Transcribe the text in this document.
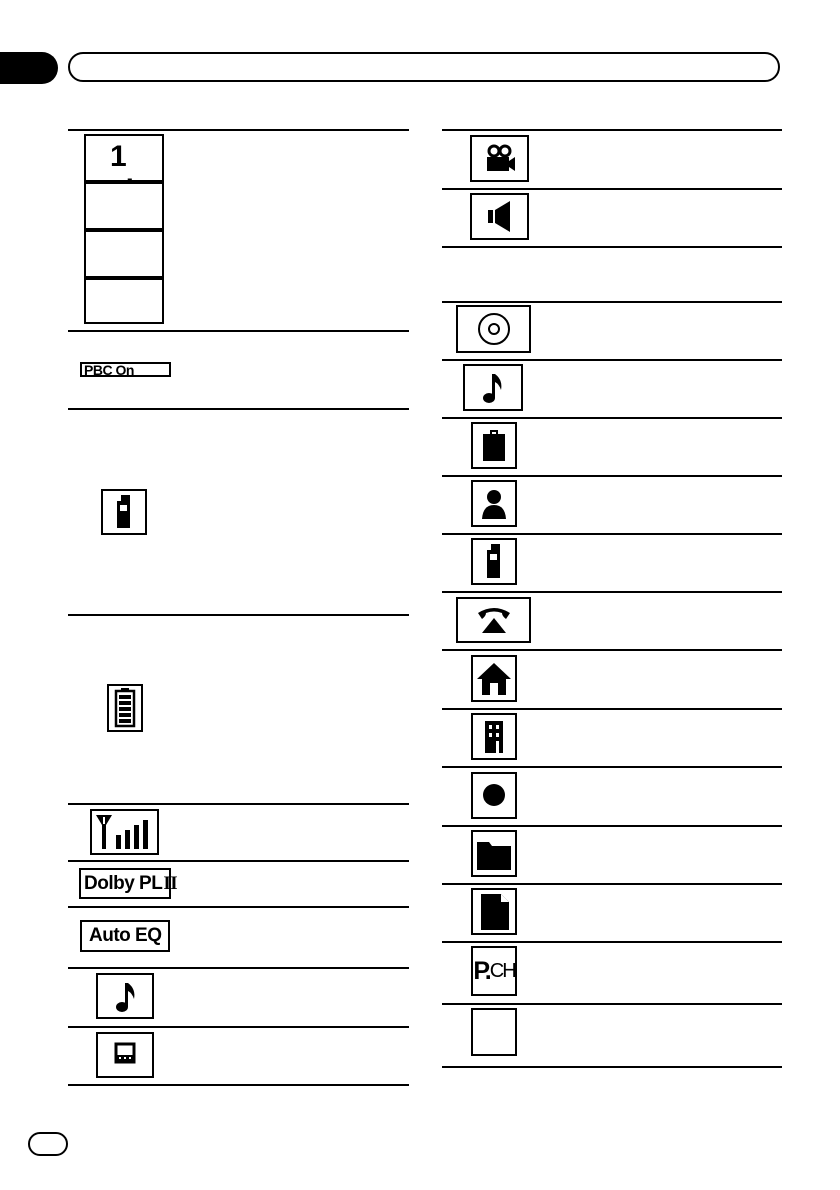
1
PBC On
Dolby PL II
Auto EQ
P. CH
